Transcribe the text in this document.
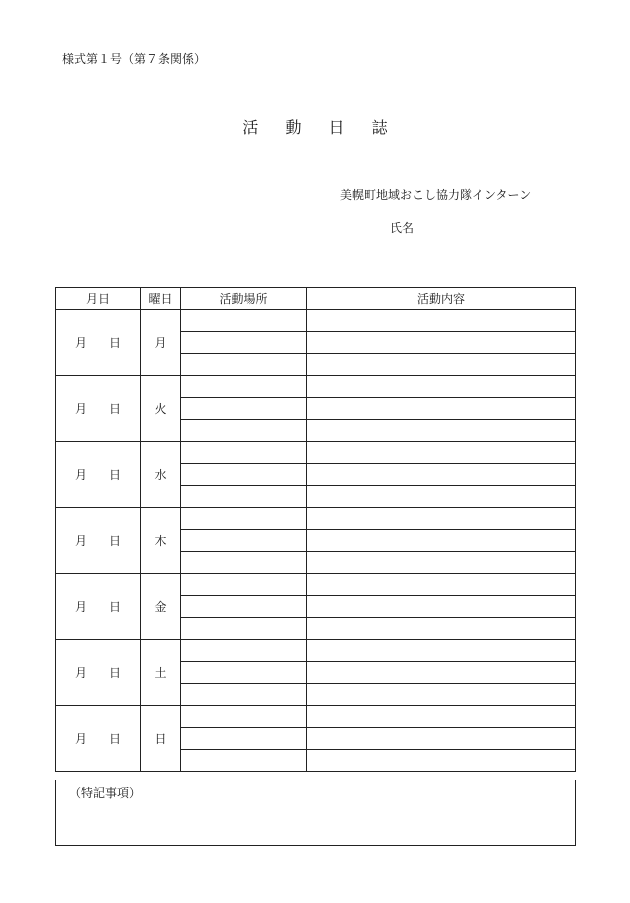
様式第１号（第７条関係）
活 動 日 誌
美幌町地域おこし協力隊インターン
氏名
月日	曜日	活動場所	活動内容
月 日	月		

月 日	火		

月 日	水		

月 日	木		

月 日	金		

月 日	土		

月 日	日		

（特記事項）
